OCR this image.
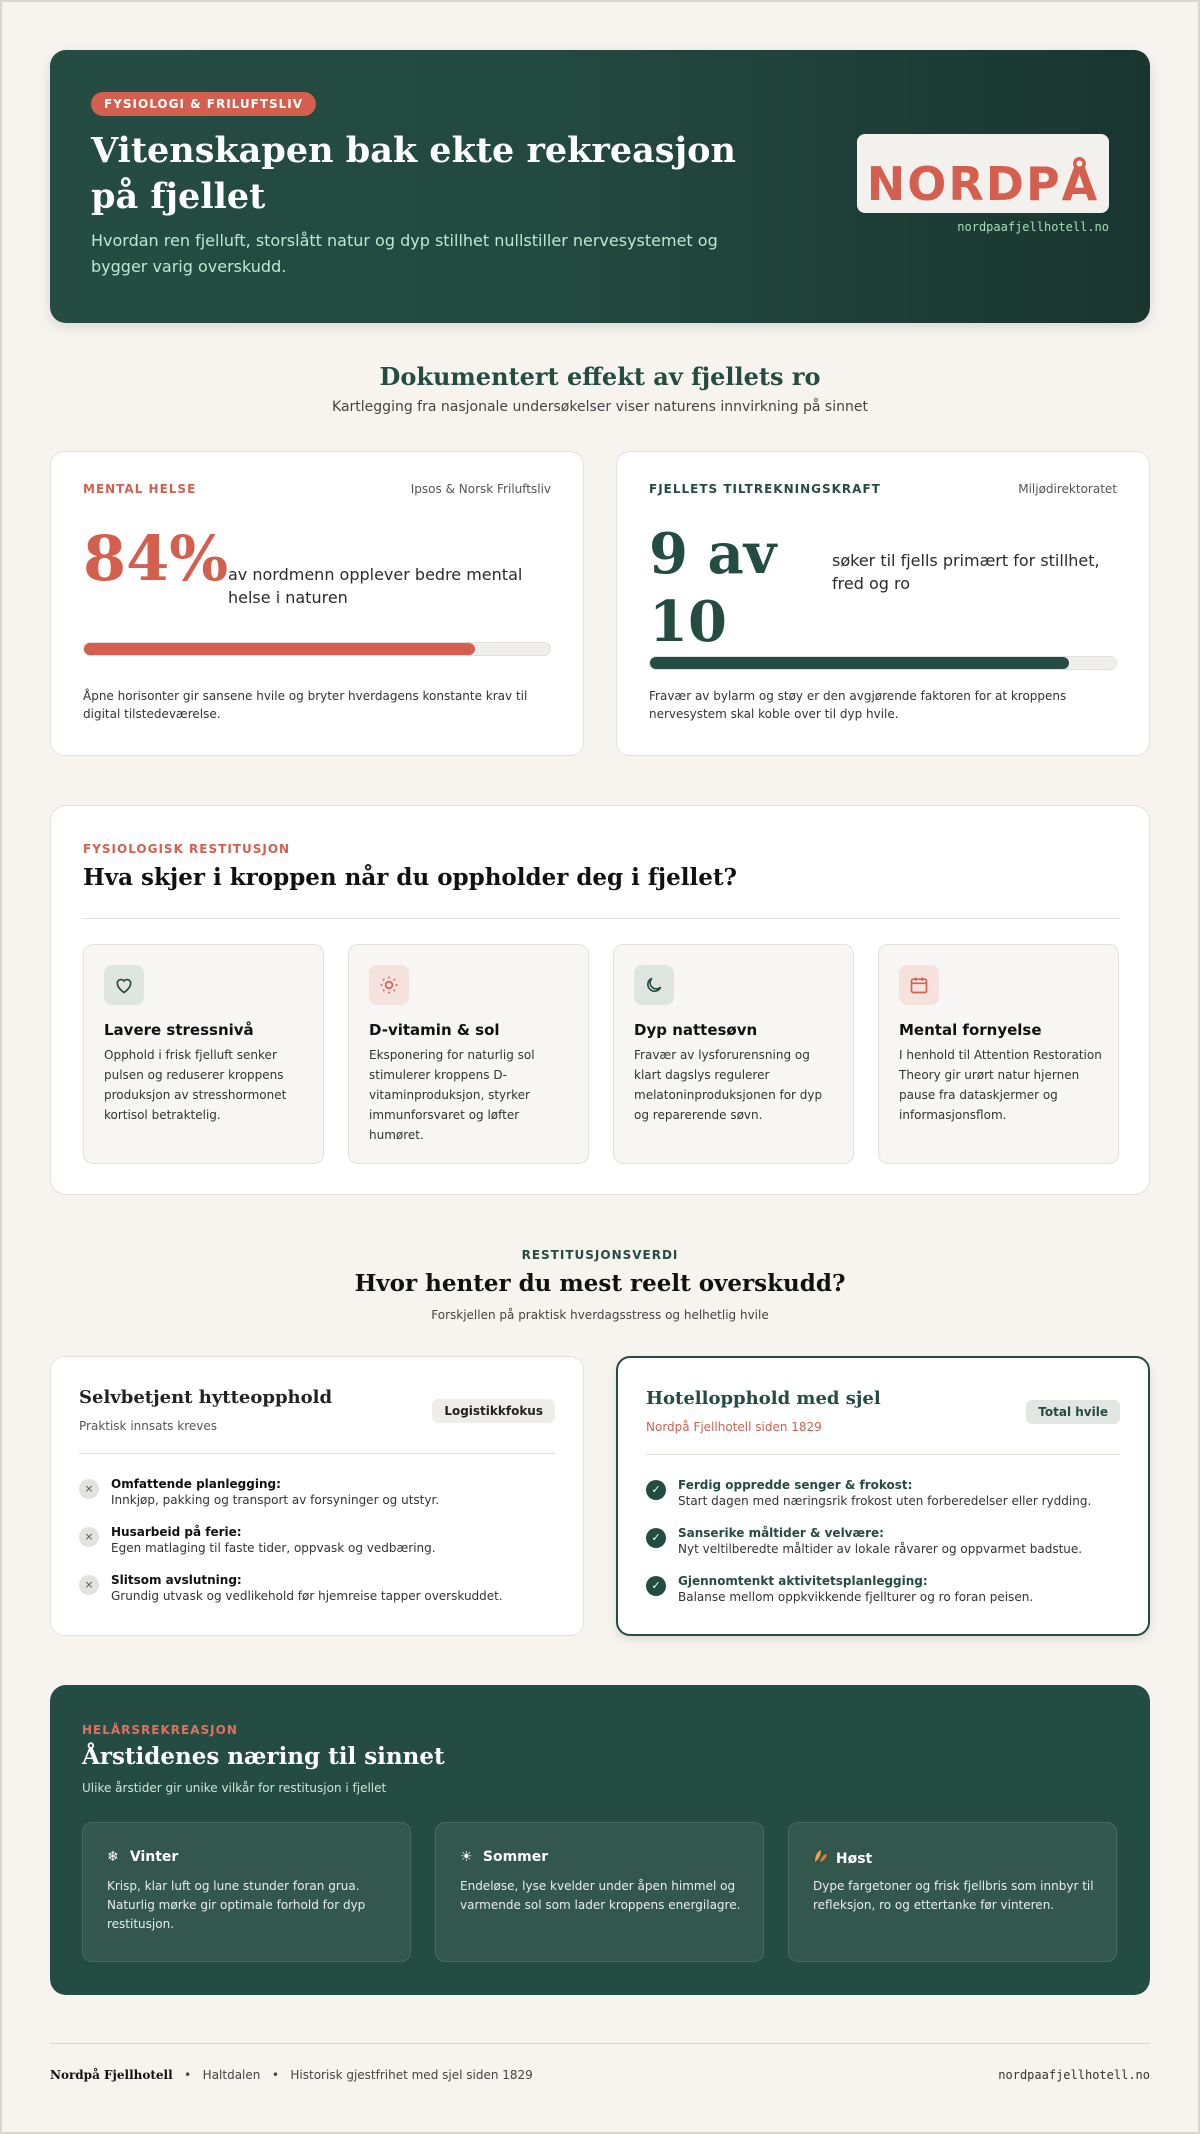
FYSIOLOGI & FRILUFTSLIV
Vitenskapen bak ekte rekreasjon på fjellet
Hvordan ren fjelluft, storslått natur og dyp stillhet nullstiller nervesystemet og bygger varig overskudd.
NORDPÅ
nordpaafjellhotell.no
Dokumentert effekt av fjellets ro
Kartlegging fra nasjonale undersøkelser viser naturens innvirkning på sinnet
MENTAL HELSE	Ipsos & Norsk Friluftsliv
84% av nordmenn opplever bedre mental helse i naturen
Åpne horisonter gir sansene hvile og bryter hverdagens konstante krav til digital tilstedeværelse.
FJELLETS TILTREKNINGSKRAFT	Miljødirektoratet
9 av
10
søker til fjells primært for stillhet, fred og ro
Fravær av bylarm og støy er den avgjørende faktoren for at kroppens nervesystem skal koble over til dyp hvile.
FYSIOLOGISK RESTITUSJON
Hva skjer i kroppen når du oppholder deg i fjellet?
Lavere stressnivå
Opphold i frisk fjelluft senker pulsen og reduserer kroppens produksjon av stresshormonet kortisol betraktelig.
D-vitamin & sol
Eksponering for naturlig sol stimulerer kroppens D-vitaminproduksjon, styrker immunforsvaret og løfter humøret.
Dyp nattesøvn
Fravær av lysforurensning og klart dagslys regulerer melatoninproduksjonen for dyp og reparerende søvn.
Mental fornyelse
I henhold til Attention Restoration Theory gir urørt natur hjernen pause fra dataskjermer og informasjonsflom.
RESTITUSJONSVERDI
Hvor henter du mest reelt overskudd?
Forskjellen på praktisk hverdagsstress og helhetlig hvile
Selvbetjent hytteopphold
Praktisk innsats kreves
Logistikkfokus
×	Omfattende planlegging:
Innkjøp, pakking og transport av forsyninger og utstyr.
×	Husarbeid på ferie:
Egen matlaging til faste tider, oppvask og vedbæring.
×	Slitsom avslutning:
Grundig utvask og vedlikehold før hjemreise tapper overskuddet.
Hotellopphold med sjel
Nordpå Fjellhotell siden 1829
Total hvile
✓	Ferdig oppredde senger & frokost:
Start dagen med næringsrik frokost uten forberedelser eller rydding.
✓	Sanserike måltider & velvære:
Nyt veltilberedte måltider av lokale råvarer og oppvarmet badstue.
✓	Gjennomtenkt aktivitetsplanlegging:
Balanse mellom oppkvikkende fjellturer og ro foran peisen.
HELÅRSREKREASJON
Årstidenes næring til sinnet
Ulike årstider gir unike vilkår for restitusjon i fjellet
❄ Vinter
Krisp, klar luft og lune stunder foran grua. Naturlig mørke gir optimale forhold for dyp restitusjon.
☀ Sommer
Endeløse, lyse kvelder under åpen himmel og varmende sol som lader kroppens energilagre.
Høst
Dype fargetoner og frisk fjellbris som innbyr til refleksjon, ro og ettertanke før vinteren.
Nordpå Fjellhotell   •   Haltdalen   •   Historisk gjestfrihet med sjel siden 1829	nordpaafjellhotell.no
